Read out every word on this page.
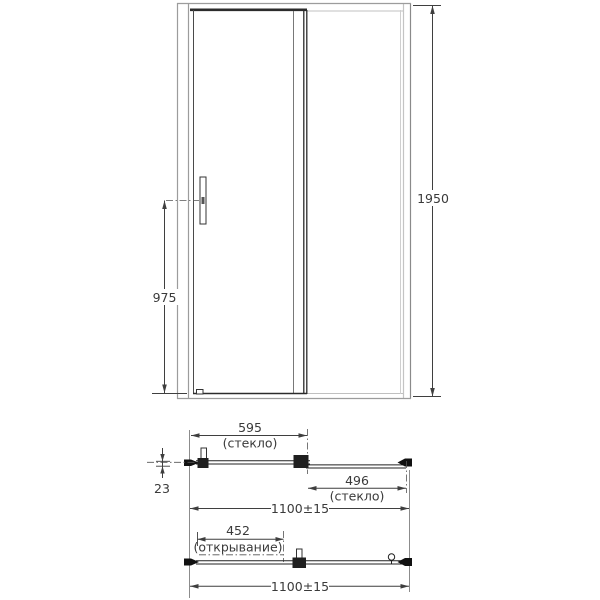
975
1950
595
(стекло)
23
496
(стекло)
1100±15
452
(открывание)
1100±15
